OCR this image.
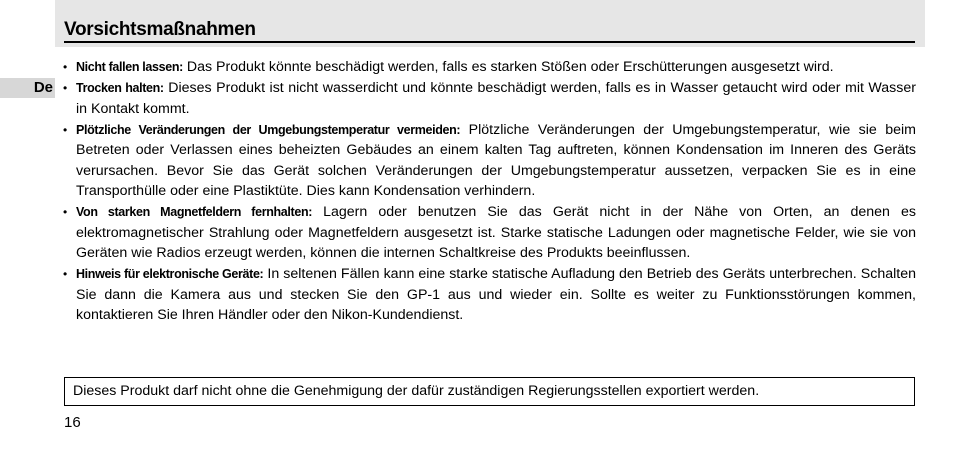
Vorsichtsmaßnahmen
De
• Nicht fallen lassen: Das Produkt könnte beschädigt werden, falls es starken Stößen oder Erschütterungen ausgesetzt wird.
• Trocken halten: Dieses Produkt ist nicht wasserdicht und könnte beschädigt werden, falls es in Wasser getaucht wird oder mit Wasser in Kontakt kommt.
• Plötzliche Veränderungen der Umgebungstemperatur vermeiden: Plötzliche Veränderungen der Umgebungstemperatur, wie sie beim Betreten oder Verlassen eines beheizten Gebäudes an einem kalten Tag auftreten, können Kondensation im Inneren des Geräts verursachen. Bevor Sie das Gerät solchen Veränderungen der Umgebungstemperatur aussetzen, verpacken Sie es in eine Transporthülle oder eine Plastiktüte. Dies kann Kondensation verhindern.
• Von starken Magnetfeldern fernhalten: Lagern oder benutzen Sie das Gerät nicht in der Nähe von Orten, an denen es elektromagnetischer Strahlung oder Magnetfeldern ausgesetzt ist. Starke statische Ladungen oder magnetische Felder, wie sie von Geräten wie Radios erzeugt werden, können die internen Schaltkreise des Produkts beeinflussen.
• Hinweis für elektronische Geräte: In seltenen Fällen kann eine starke statische Aufladung den Betrieb des Geräts unterbrechen. Schalten Sie dann die Kamera aus und stecken Sie den GP-1 aus und wieder ein. Sollte es weiter zu Funktionsstörungen kommen, kontaktieren Sie Ihren Händler oder den Nikon-Kundendienst.
Dieses Produkt darf nicht ohne die Genehmigung der dafür zuständigen Regierungsstellen exportiert werden.
16
